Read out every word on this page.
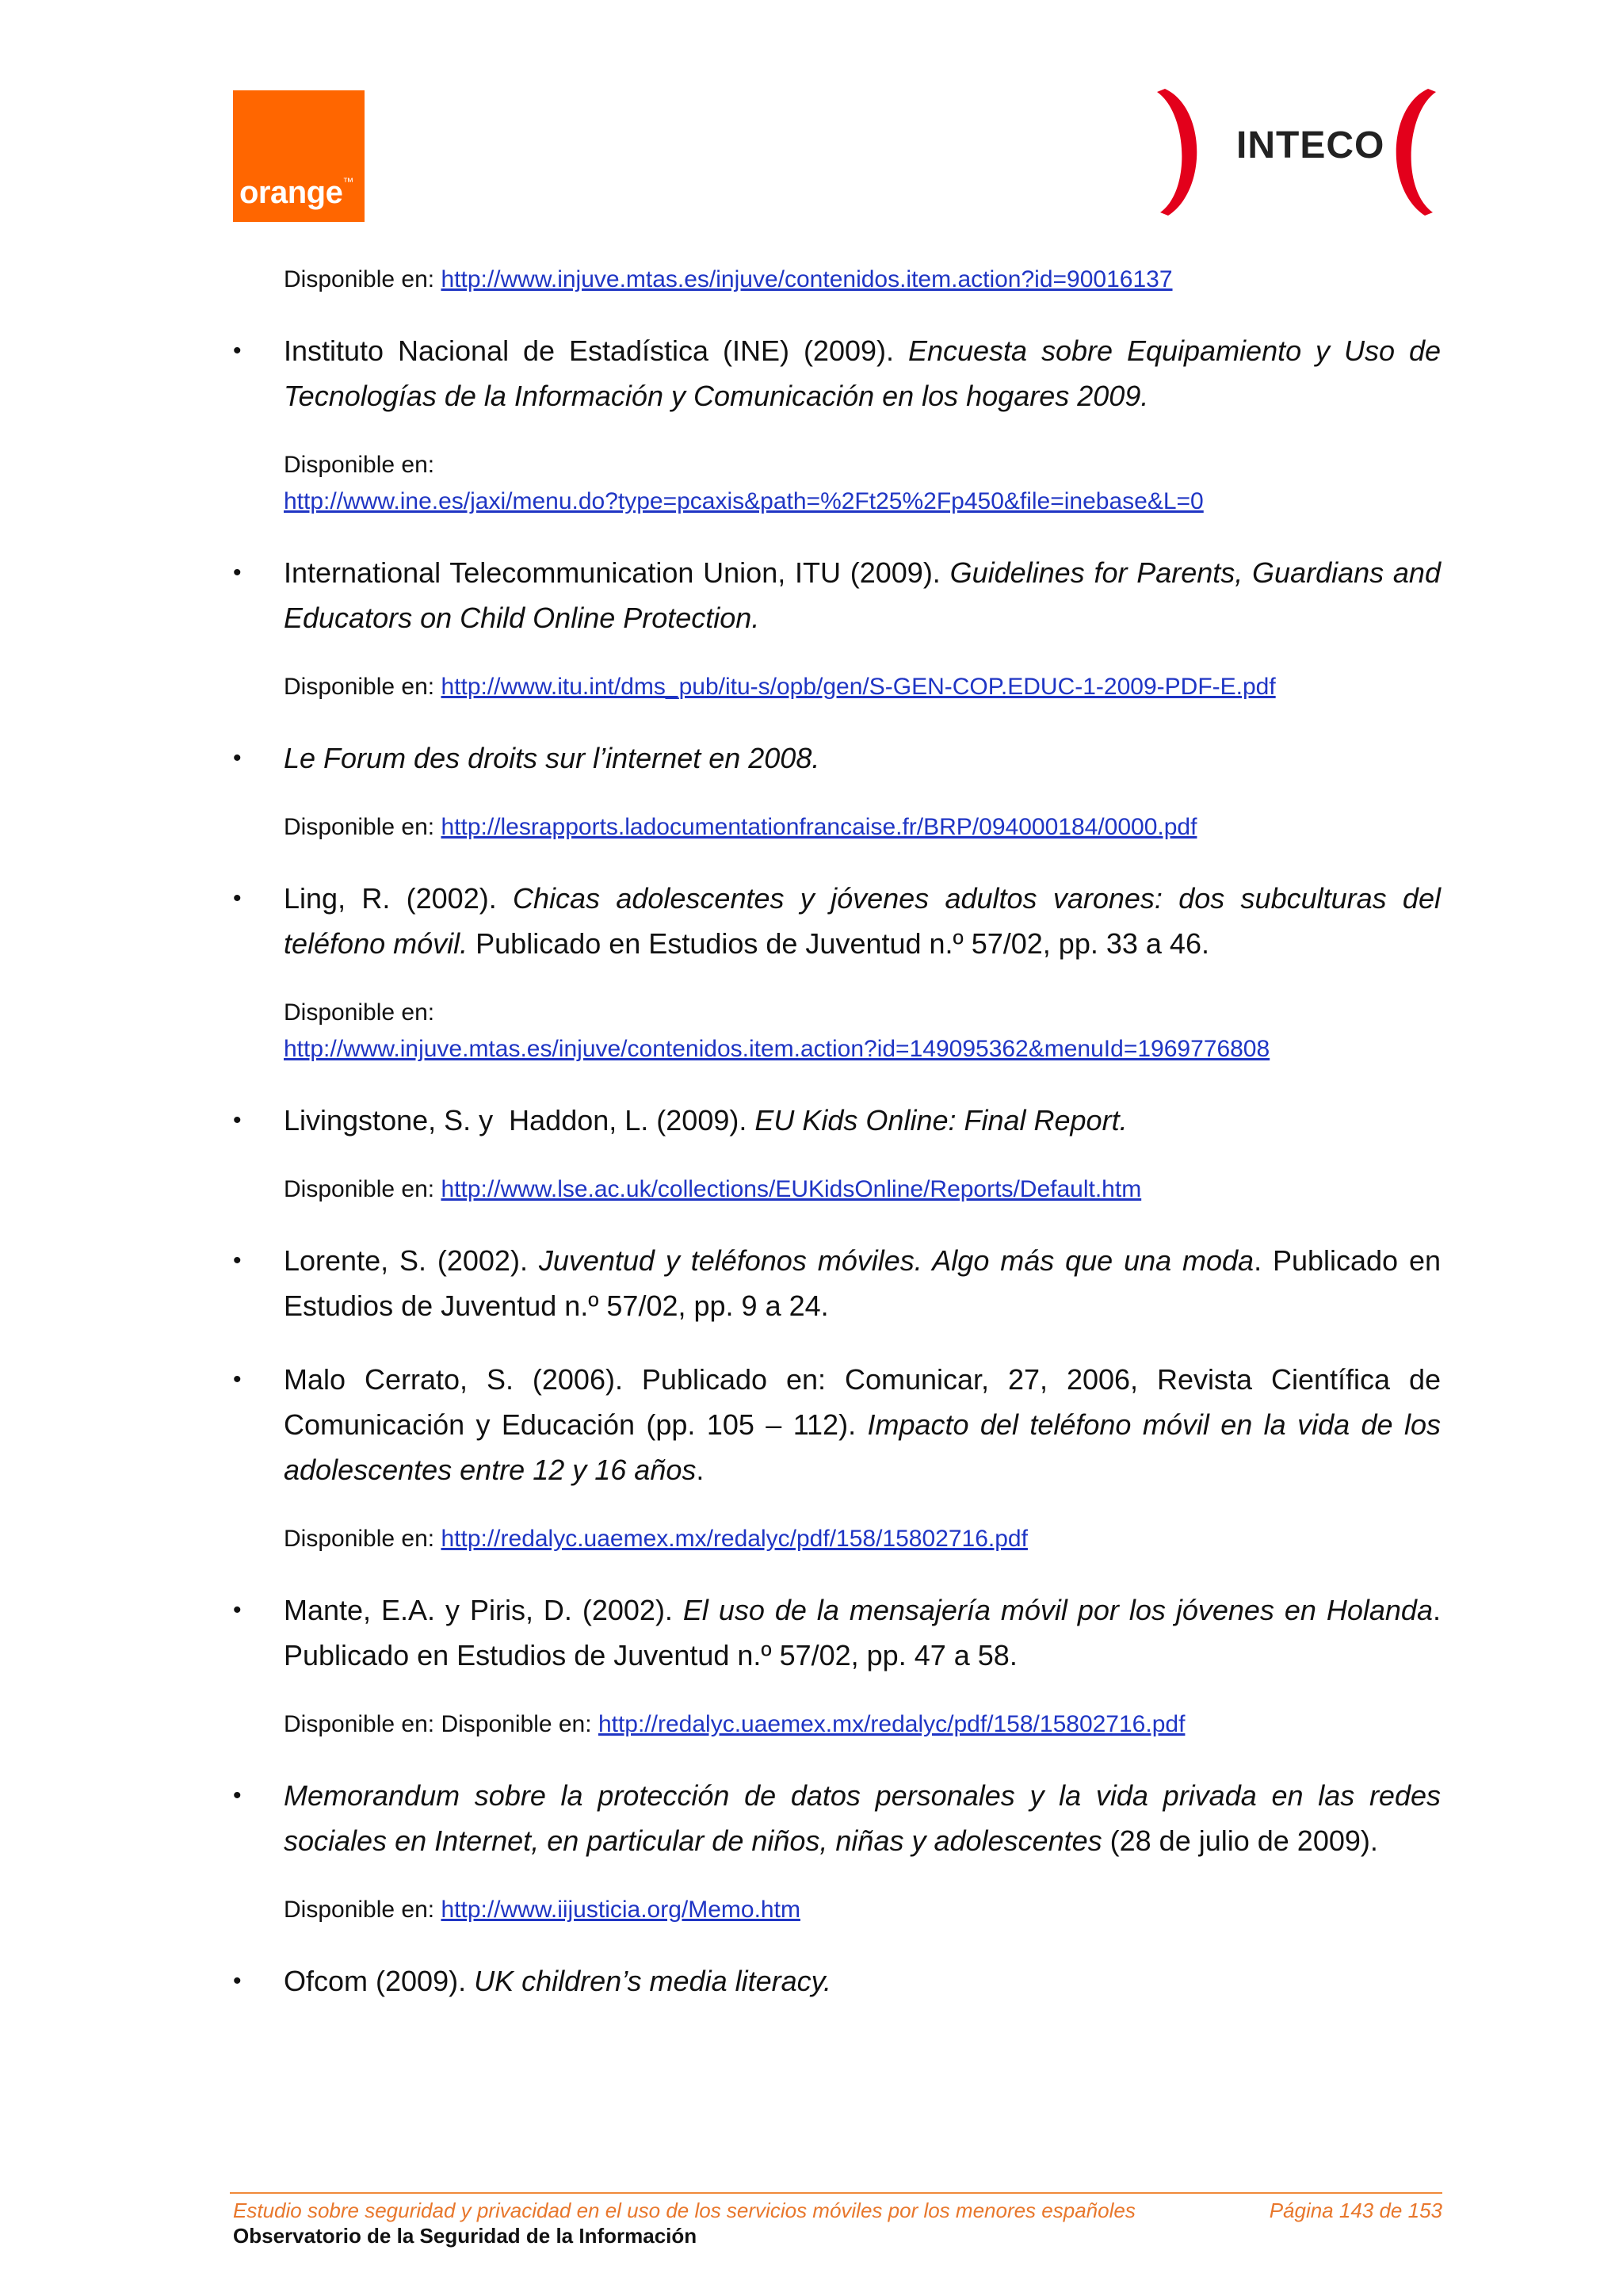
orange™
INTECO

Disponible en: http://www.injuve.mtas.es/injuve/contenidos.item.action?id=90016137

• Instituto Nacional de Estadística (INE) (2009). Encuesta sobre Equipamiento y Uso de Tecnologías de la Información y Comunicación en los hogares 2009.

Disponible en:
http://www.ine.es/jaxi/menu.do?type=pcaxis&path=%2Ft25%2Fp450&file=inebase&L=0

• International Telecommunication Union, ITU (2009). Guidelines for Parents, Guardians and Educators on Child Online Protection.

Disponible en: http://www.itu.int/dms_pub/itu-s/opb/gen/S-GEN-COP.EDUC-1-2009-PDF-E.pdf

• Le Forum des droits sur l’internet en 2008.

Disponible en: http://lesrapports.ladocumentationfrancaise.fr/BRP/094000184/0000.pdf

• Ling, R. (2002). Chicas adolescentes y jóvenes adultos varones: dos subculturas del teléfono móvil. Publicado en Estudios de Juventud n.º 57/02, pp. 33 a 46.

Disponible en:
http://www.injuve.mtas.es/injuve/contenidos.item.action?id=149095362&menuId=1969776808

• Livingstone, S. y  Haddon, L. (2009). EU Kids Online: Final Report.

Disponible en: http://www.lse.ac.uk/collections/EUKidsOnline/Reports/Default.htm

• Lorente, S. (2002). Juventud y teléfonos móviles. Algo más que una moda. Publicado en Estudios de Juventud n.º 57/02, pp. 9 a 24.
• Malo Cerrato, S. (2006). Publicado en: Comunicar, 27, 2006, Revista Científica de Comunicación y Educación (pp. 105 – 112). Impacto del teléfono móvil en la vida de los adolescentes entre 12 y 16 años.

Disponible en: http://redalyc.uaemex.mx/redalyc/pdf/158/15802716.pdf

• Mante, E.A. y Piris, D. (2002). El uso de la mensajería móvil por los jóvenes en Holanda. Publicado en Estudios de Juventud n.º 57/02, pp. 47 a 58.

Disponible en: Disponible en: http://redalyc.uaemex.mx/redalyc/pdf/158/15802716.pdf

• Memorandum sobre la protección de datos personales y la vida privada en las redes sociales en Internet, en particular de niños, niñas y adolescentes (28 de julio de 2009).

Disponible en: http://www.iijusticia.org/Memo.htm

• Ofcom (2009). UK children’s media literacy.
Estudio sobre seguridad y privacidad en el uso de los servicios móviles por los menores españoles	Página 143 de 153
Observatorio de la Seguridad de la Información
